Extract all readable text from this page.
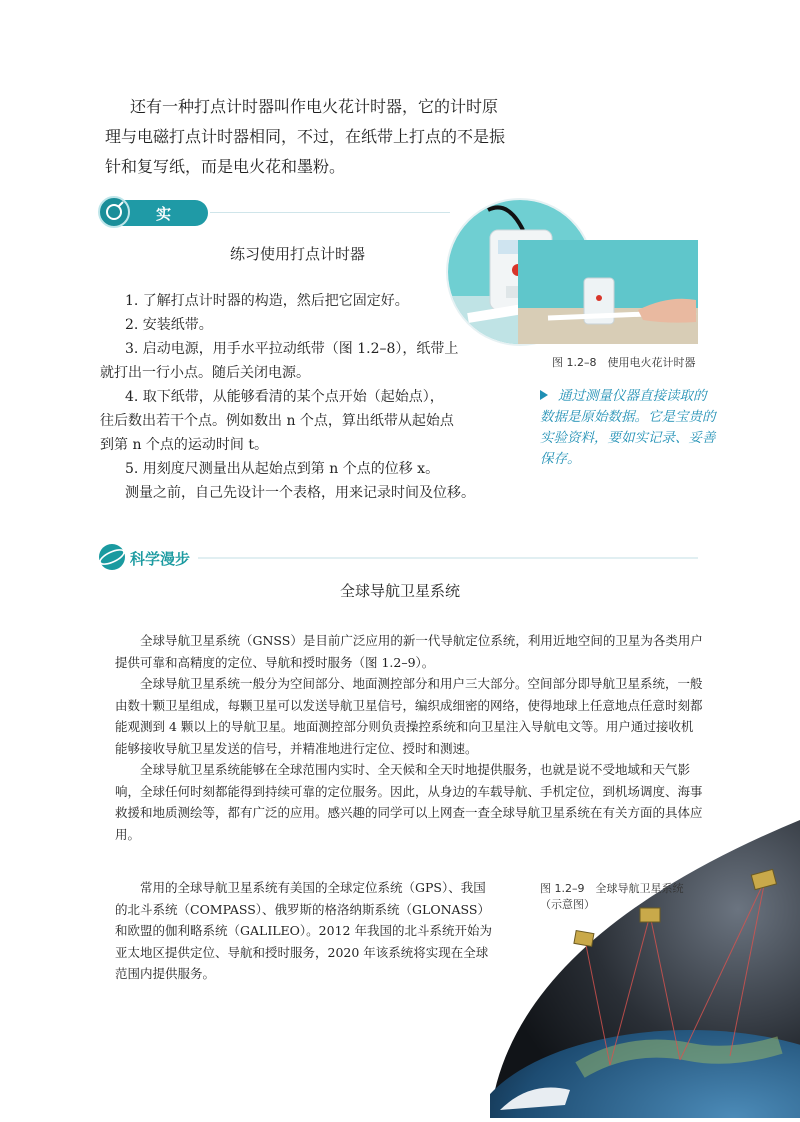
还有一种打点计时器叫作电火花计时器，它的计时原

理与电磁打点计时器相同，不过，在纸带上打点的不是振

针和复写纸，而是电火花和墨粉。

实 验
练习使用打点计时器
图 1.2–8　使用电火花计时器

1. 了解打点计时器的构造，然后把它固定好。

2. 安装纸带。

3. 启动电源，用手水平拉动纸带（图 1.2–8），纸带上

就打出一行小点。随后关闭电源。

4. 取下纸带，从能够看清的某个点开始（起始点），

往后数出若干个点。例如数出 n 个点，算出纸带从起始点

到第 n 个点的运动时间 t。

5. 用刻度尺测量出从起始点到第 n 个点的位移 x。

测量之前，自己先设计一个表格，用来记录时间及位移。

通过测量仪器直接读取的数据是原始数据。它是宝贵的实验资料，要如实记录、妥善保存。
科学漫步
全球导航卫星系统

全球导航卫星系统（GNSS）是目前广泛应用的新一代导航定位系统，利用近地空间的卫星为各类用户提供可靠和高精度的定位、导航和授时服务（图 1.2–9）。

全球导航卫星系统一般分为空间部分、地面测控部分和用户三大部分。空间部分即导航卫星系统，一般由数十颗卫星组成，每颗卫星可以发送导航卫星信号，编织成细密的网络，使得地球上任意地点任意时刻都能观测到 4 颗以上的导航卫星。地面测控部分则负责操控系统和向卫星注入导航电文等。用户通过接收机能够接收导航卫星发送的信号，并精准地进行定位、授时和测速。

全球导航卫星系统能够在全球范围内实时、全天候和全天时地提供服务，也就是说不受地域和天气影响，全球任何时刻都能得到持续可靠的定位服务。因此，从身边的车载导航、手机定位，到机场调度、海事救援和地质测绘等，都有广泛的应用。感兴趣的同学可以上网查一查全球导航卫星系统在有关方面的具体应用。

图 1.2–9　全球导航卫星系统
（示意图）

常用的全球导航卫星系统有美国的全球定位系统（GPS）、我国的北斗系统（COMPASS）、俄罗斯的格洛纳斯系统（GLONASS）和欧盟的伽利略系统（GALILEO）。2012 年我国的北斗系统开始为亚太地区提供定位、导航和授时服务，2020 年该系统将实现在全球范围内提供服务。
